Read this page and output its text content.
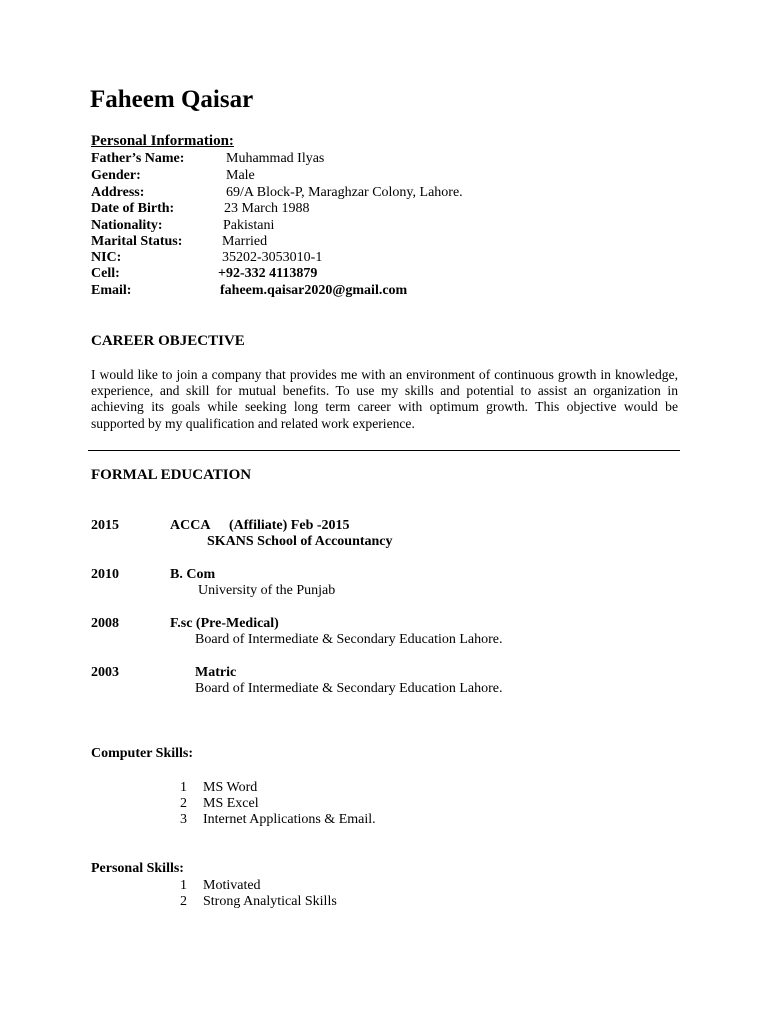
Faheem Qaisar
Personal Information:
Father’s Name:	Muhammad Ilyas
Gender:	Male
Address:	69/A Block-P, Maraghzar Colony, Lahore.
Date of Birth:	23 March 1988
Nationality:	Pakistani
Marital Status:	Married
NIC:	35202-3053010-1
Cell:	+92-332 4113879
Email:	faheem.qaisar2020@gmail.com
CAREER OBJECTIVE
I would like to join a company that provides me with an environment of continuous growth in knowledge, experience, and skill for mutual benefits. To use my skills and potential to assist an organization in achieving its goals while seeking long term career with optimum growth. This objective would be supported by my qualification and related work experience.
FORMAL EDUCATION
2015	ACCA (Affiliate) Feb -2015
SKANS School of Accountancy
2010	B. Com
University of the Punjab
2008	F.sc (Pre-Medical)
Board of Intermediate & Secondary Education Lahore.
2003	Matric
Board of Intermediate & Secondary Education Lahore.
Computer Skills:
1 MS Word
2 MS Excel
3 Internet Applications & Email.
Personal Skills:
1 Motivated
2 Strong Analytical Skills
